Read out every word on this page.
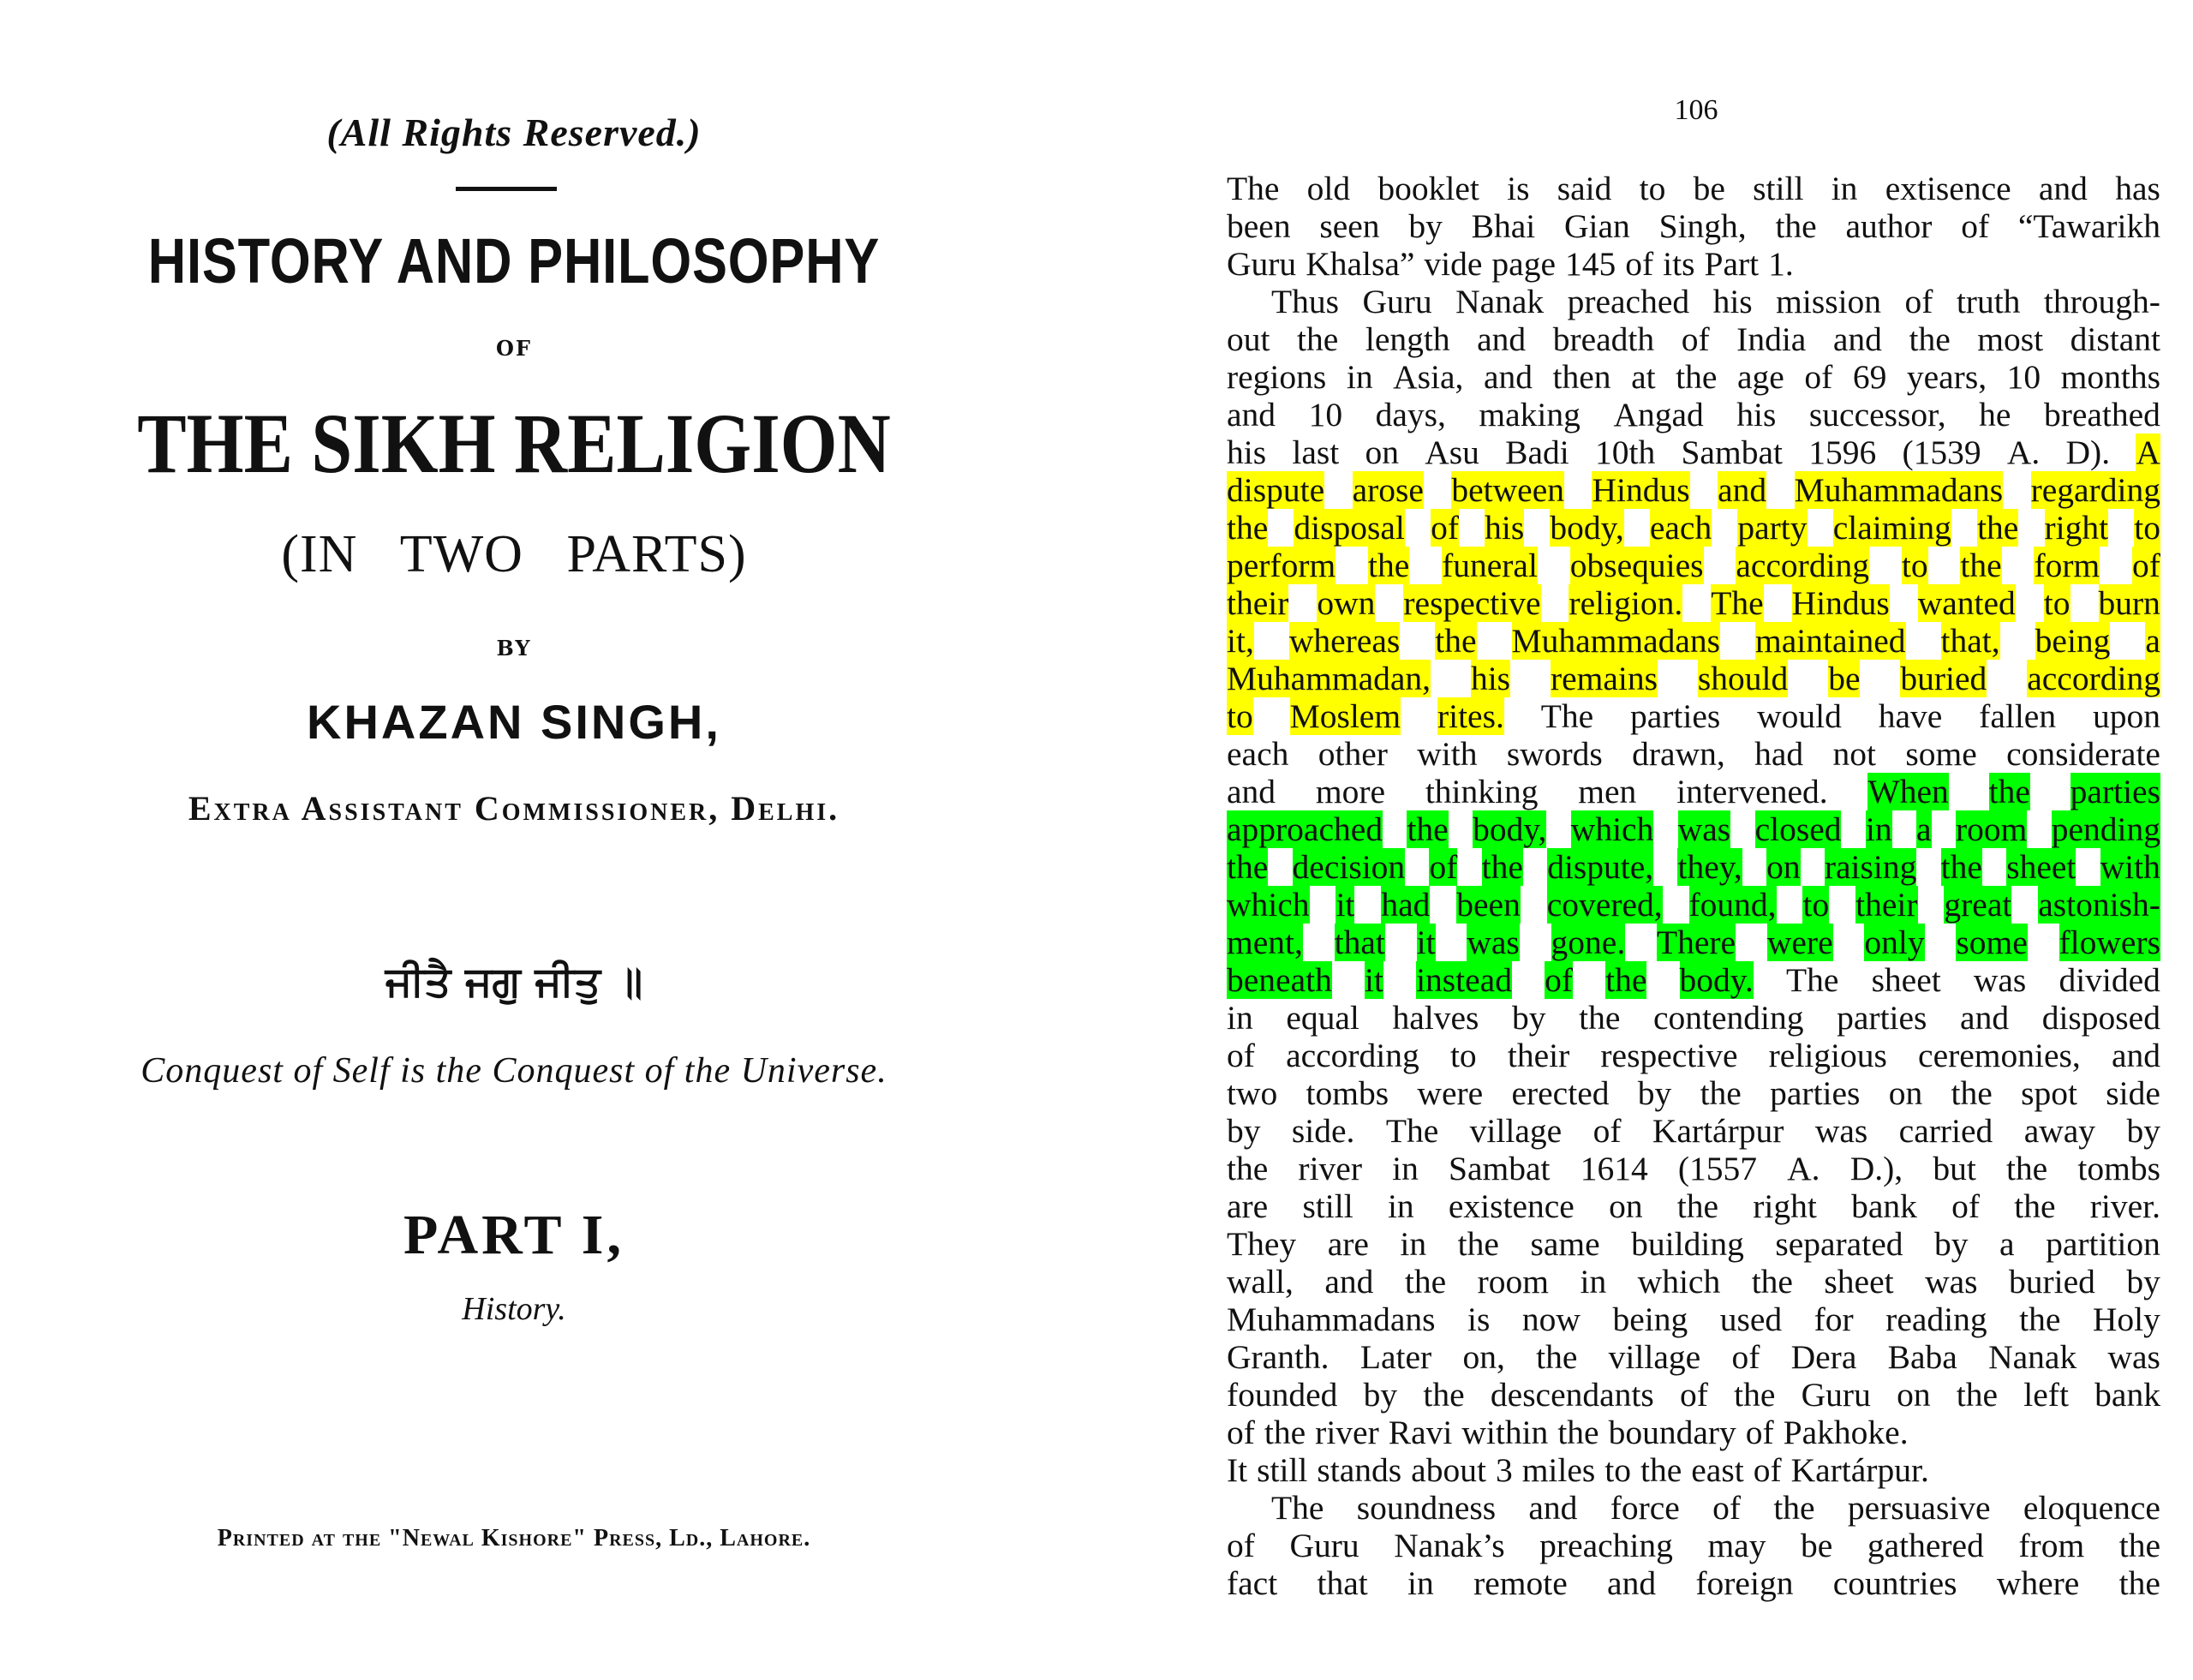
(All Rights Reserved.)
HISTORY AND PHILOSOPHY
OF
THE SIKH RELIGION
(IN TWO PARTS)
BY
KHAZAN SINGH,
Extra Assistant Commissioner, Delhi.
ਜੀਤੈ ਜਗੁ ਜੀਤੁ ॥
Conquest of Self is the Conquest of the Universe.
PART I,
History.
Printed at the "Newal Kishore" Press, Ld., Lahore.
106
The old booklet is said to be still in extisence and has
been seen by Bhai Gian Singh, the author of “Tawarikh
Guru Khalsa” vide page 145 of its Part 1.
Thus Guru Nanak preached his mission of truth through-
out the length and breadth of India and the most distant
regions in Asia, and then at the age of 69 years, 10 months
and 10 days, making Angad his successor, he breathed
his last on Asu Badi 10th Sambat 1596 (1539 A. D). A
dispute arose between Hindus and Muhammadans regarding
the disposal of his body, each party claiming the right to
perform the funeral obsequies according to the form of
their own respective religion. The Hindus wanted to burn
it, whereas the Muhammadans maintained that, being a
Muhammadan, his remains should be buried according
to Moslem rites. The parties would have fallen upon
each other with swords drawn, had not some considerate
and more thinking men intervened. When the parties
approached the body, which was closed in a room pending
the decision of the dispute, they, on raising the sheet with
which it had been covered, found, to their great astonish-
ment, that it was gone. There were only some flowers
beneath it instead of the body. The sheet was divided
in equal halves by the contending parties and disposed
of according to their respective religious ceremonies, and
two tombs were erected by the parties on the spot side
by side. The village of Kartárpur was carried away by
the river in Sambat 1614 (1557 A. D.), but the tombs
are still in existence on the right bank of the river.
They are in the same building separated by a partition
wall, and the room in which the sheet was buried by
Muhammadans is now being used for reading the Holy
Granth. Later on, the village of Dera Baba Nanak was
founded by the descendants of the Guru on the left bank
of the river Ravi within the boundary of Pakhoke.
It still stands about 3 miles to the east of Kartárpur.
The soundness and force of the persuasive eloquence
of Guru Nanak’s preaching may be gathered from the
fact that in remote and foreign countries where the
